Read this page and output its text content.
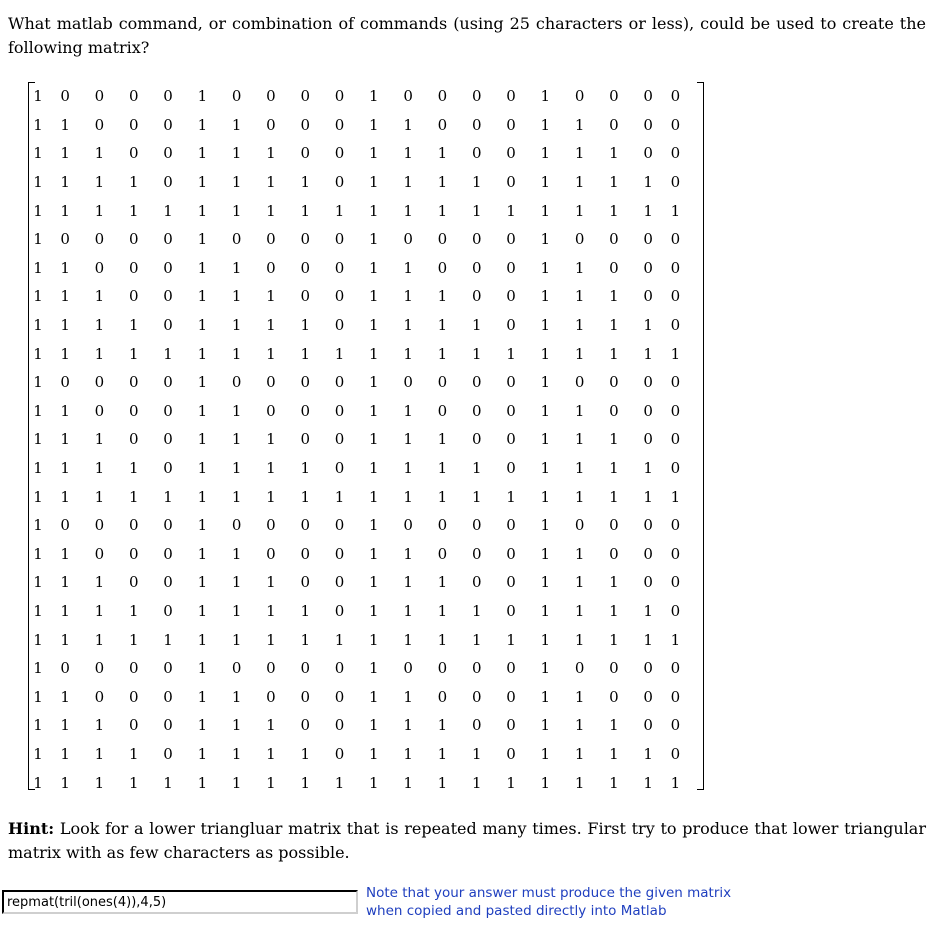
What matlab command, or combination of commands (using 25 characters or less), could be used to create the following matrix?

1	0	0	0	0	1	0	0	0	0	1	0	0	0	0	1	0	0	0	0
1	1	0	0	0	1	1	0	0	0	1	1	0	0	0	1	1	0	0	0
1	1	1	0	0	1	1	1	0	0	1	1	1	0	0	1	1	1	0	0
1	1	1	1	0	1	1	1	1	0	1	1	1	1	0	1	1	1	1	0
1	1	1	1	1	1	1	1	1	1	1	1	1	1	1	1	1	1	1	1
1	0	0	0	0	1	0	0	0	0	1	0	0	0	0	1	0	0	0	0
1	1	0	0	0	1	1	0	0	0	1	1	0	0	0	1	1	0	0	0
1	1	1	0	0	1	1	1	0	0	1	1	1	0	0	1	1	1	0	0
1	1	1	1	0	1	1	1	1	0	1	1	1	1	0	1	1	1	1	0
1	1	1	1	1	1	1	1	1	1	1	1	1	1	1	1	1	1	1	1
1	0	0	0	0	1	0	0	0	0	1	0	0	0	0	1	0	0	0	0
1	1	0	0	0	1	1	0	0	0	1	1	0	0	0	1	1	0	0	0
1	1	1	0	0	1	1	1	0	0	1	1	1	0	0	1	1	1	0	0
1	1	1	1	0	1	1	1	1	0	1	1	1	1	0	1	1	1	1	0
1	1	1	1	1	1	1	1	1	1	1	1	1	1	1	1	1	1	1	1
1	0	0	0	0	1	0	0	0	0	1	0	0	0	0	1	0	0	0	0
1	1	0	0	0	1	1	0	0	0	1	1	0	0	0	1	1	0	0	0
1	1	1	0	0	1	1	1	0	0	1	1	1	0	0	1	1	1	0	0
1	1	1	1	0	1	1	1	1	0	1	1	1	1	0	1	1	1	1	0
1	1	1	1	1	1	1	1	1	1	1	1	1	1	1	1	1	1	1	1
1	0	0	0	0	1	0	0	0	0	1	0	0	0	0	1	0	0	0	0
1	1	0	0	0	1	1	0	0	0	1	1	0	0	0	1	1	0	0	0
1	1	1	0	0	1	1	1	0	0	1	1	1	0	0	1	1	1	0	0
1	1	1	1	0	1	1	1	1	0	1	1	1	1	0	1	1	1	1	0
1	1	1	1	1	1	1	1	1	1	1	1	1	1	1	1	1	1	1	1

Hint: Look for a lower triangluar matrix that is repeated many times. First try to produce that lower triangular matrix with as few characters as possible.

repmat(tril(ones(4)),4,5)
Note that your answer must produce the given matrix
when copied and pasted directly into Matlab
